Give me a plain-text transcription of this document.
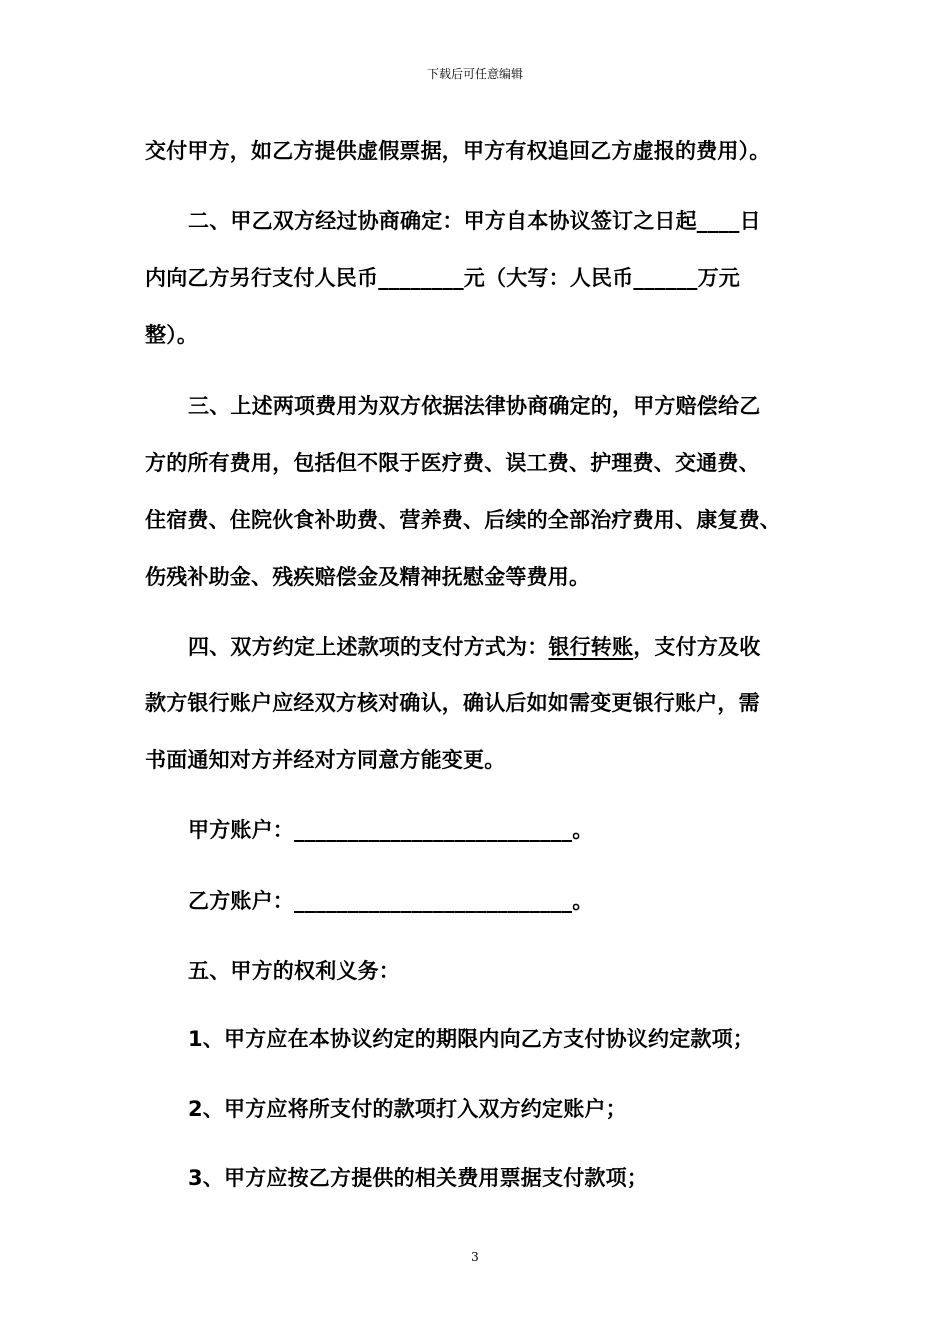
下载后可任意编辑
交付甲方，如乙方提供虚假票据，甲方有权追回乙方虚报的费用）。
二、甲乙双方经过协商确定：甲方自本协议签订之日起____日
内向乙方另行支付人民币________元（大写：人民币______万元
整）。
三、上述两项费用为双方依据法律协商确定的，甲方赔偿给乙
方的所有费用，包括但不限于医疗费、误工费、护理费、交通费、
住宿费、住院伙食补助费、营养费、后续的全部治疗费用、康复费、
伤残补助金、残疾赔偿金及精神抚慰金等费用。
四、双方约定上述款项的支付方式为：银行转账，支付方及收
款方银行账户应经双方核对确认，确认后如如需变更银行账户，需
书面通知对方并经对方同意方能变更。
甲方账户：__________________________。
乙方账户：__________________________。
五、甲方的权利义务：
1、甲方应在本协议约定的期限内向乙方支付协议约定款项；
2、甲方应将所支付的款项打入双方约定账户；
3、甲方应按乙方提供的相关费用票据支付款项；
3
